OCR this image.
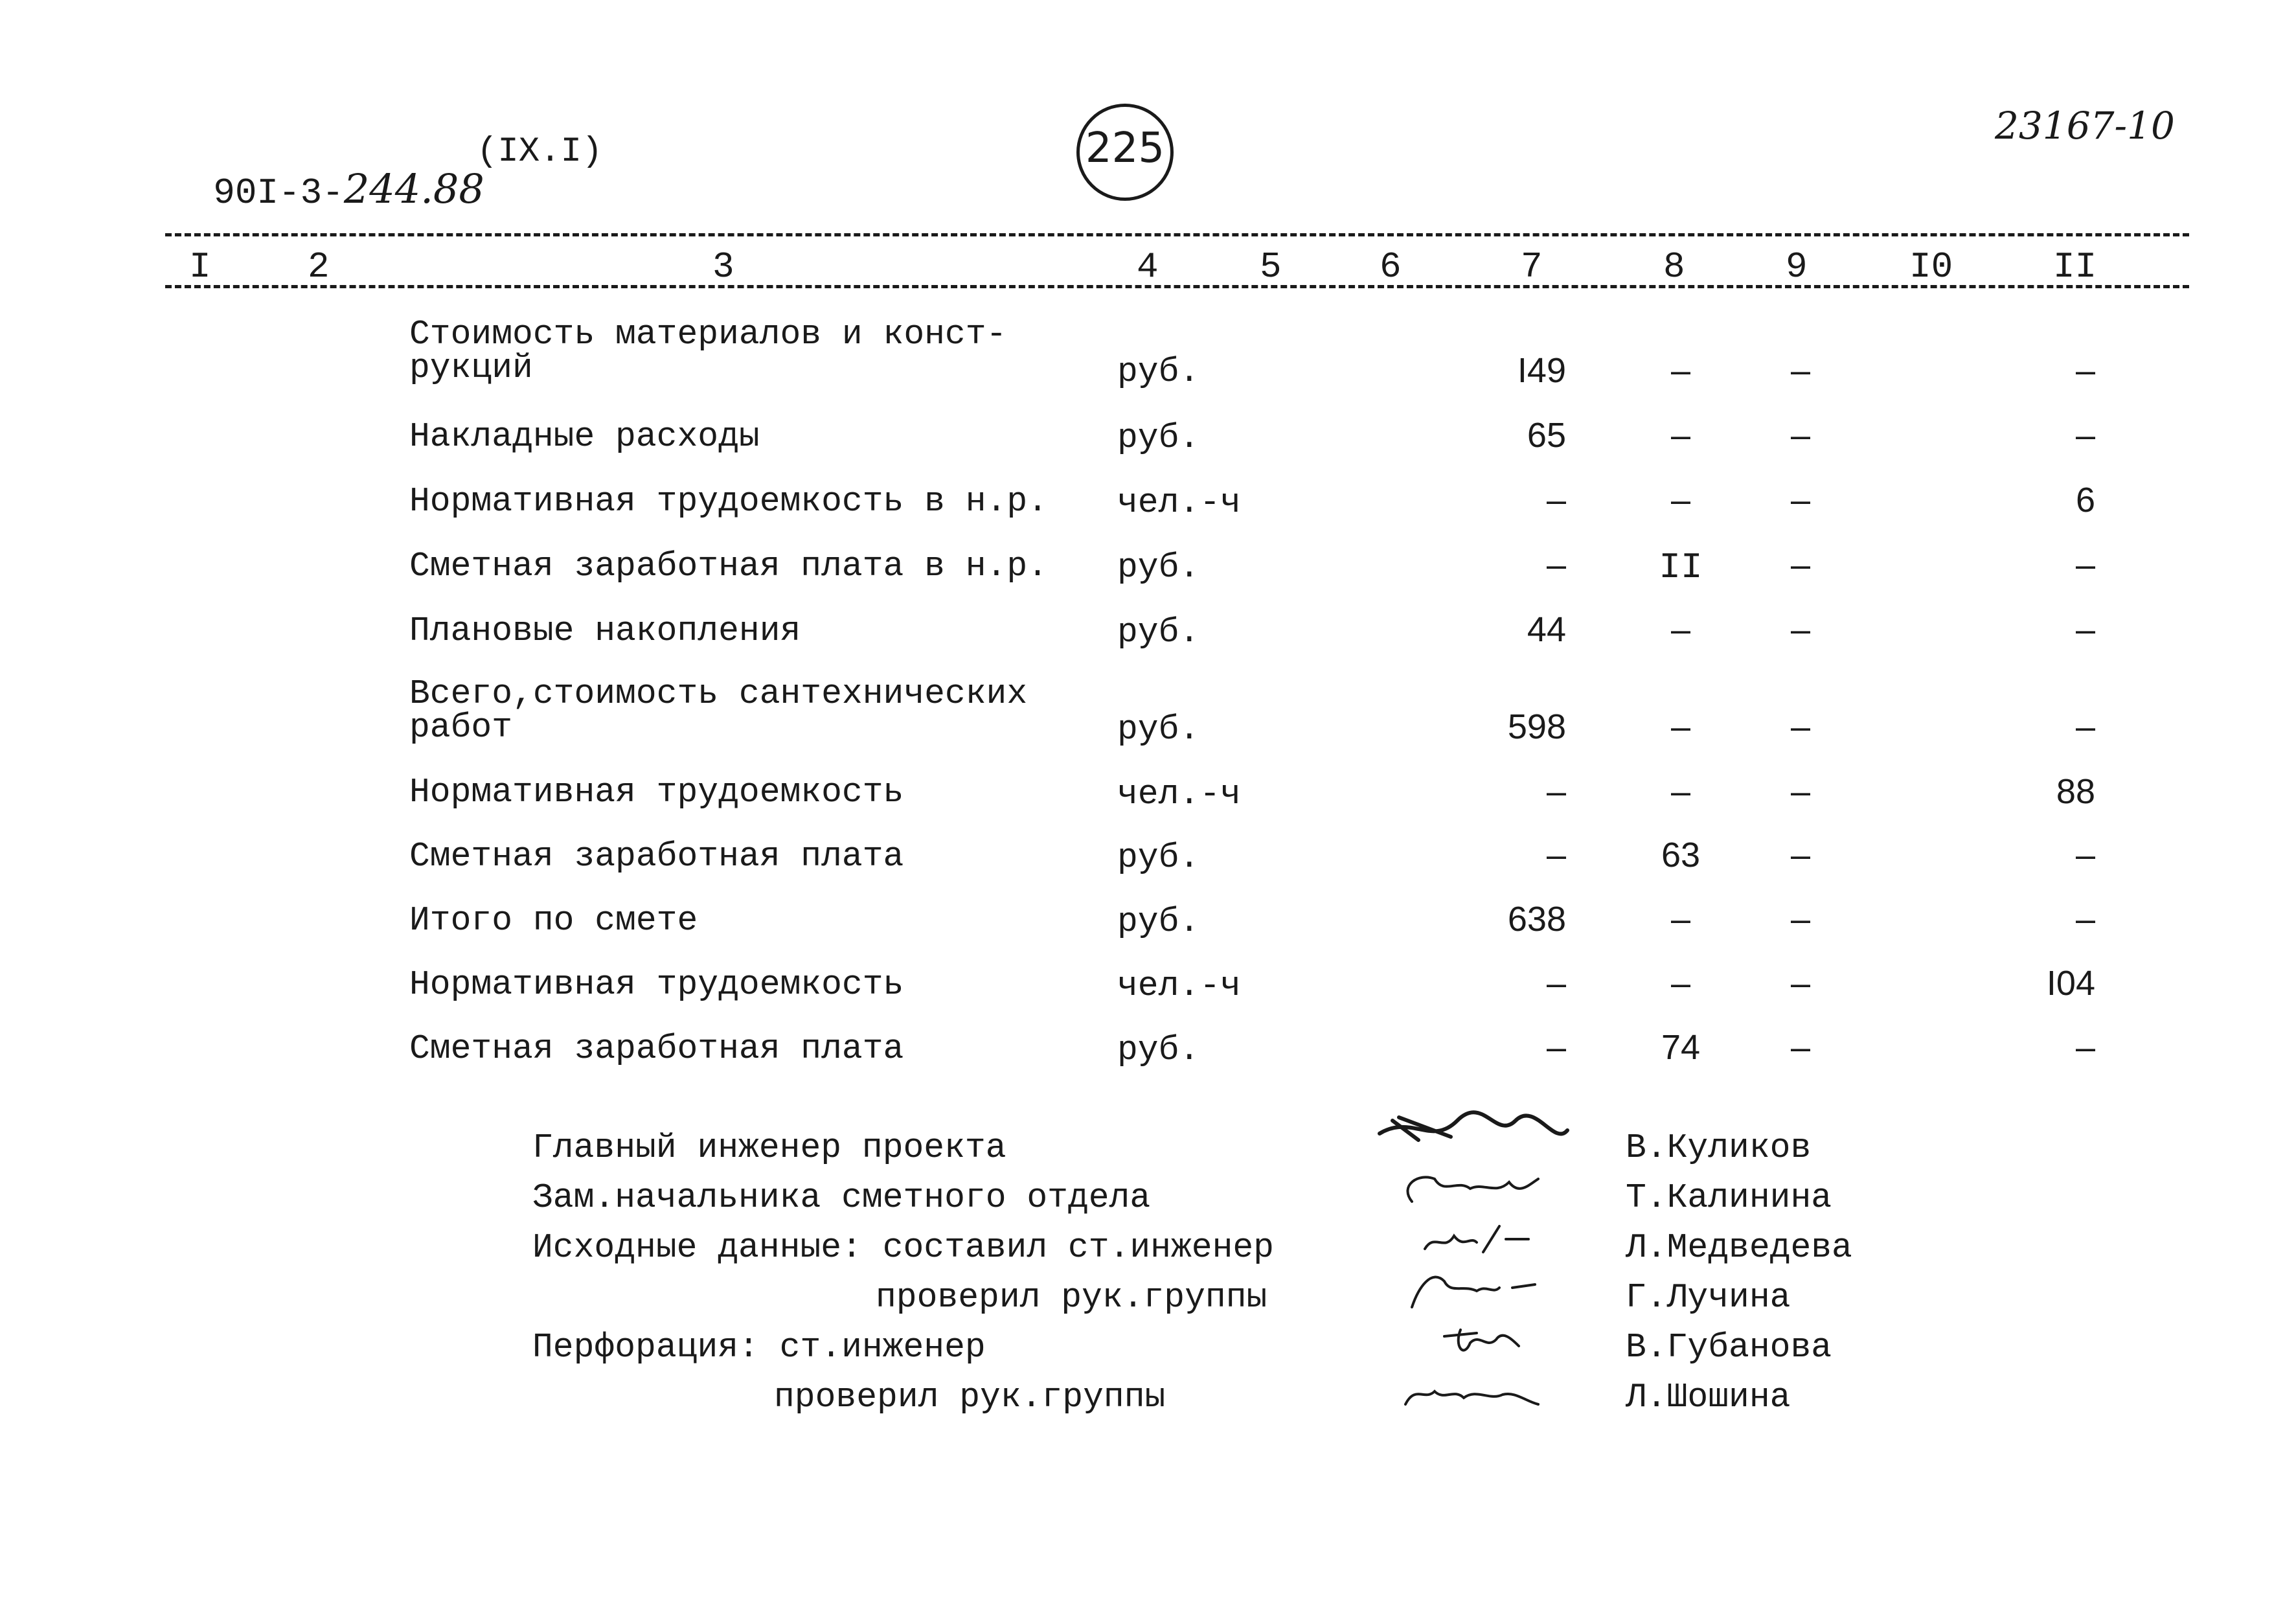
90I-3-244.88

(IX.I)	225	23167-10
I	2	3	4	5	6	7	8	9	I0	II
Стоимость материалов и конст-
рукций	руб.	I49	–	–	–
Накладные расходы	руб.	65	–	–	–
Нормативная трудоемкость в н.р. чел.-ч	–	–	–	6
Сметная заработная плата в н.р. руб.	–	II	–	–
Плановые накопления	руб.	44	–	–	–
Всего,стоимость сантехнических
работ	руб.	598	–	–	–
Нормативная трудоемкость	чел.-ч	–	–	–	88
Сметная заработная плата	руб.	–	63	–	–
Итого по смете	руб.	638	–	–	–
Нормативная трудоемкость	чел.-ч	–	–	–	I04
Сметная заработная плата	руб.	–	74	–	–
Главный инженер проекта
Зам.начальника сметного отдела
Исходные данные: составил ст.инженер
проверил рук.группы
Перфорация: ст.инженер
проверил рук.группы
В.Куликов
Т.Калинина
Л.Медведева
Г.Лучина
В.Губанова
Л.Шошина
